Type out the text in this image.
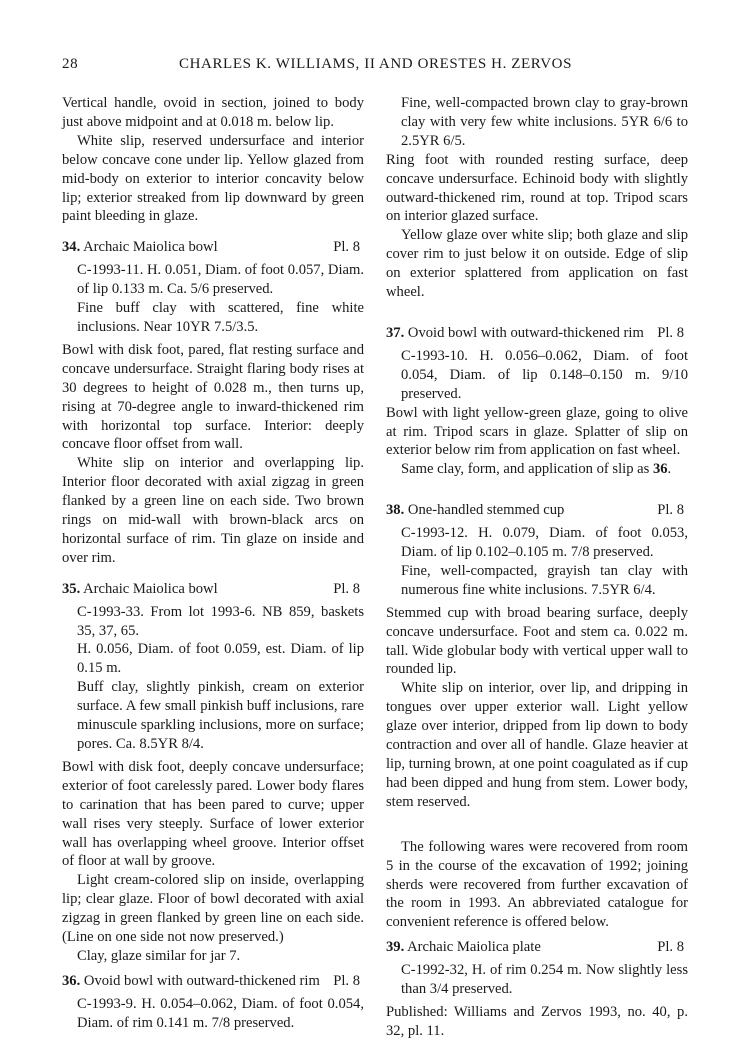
28	CHARLES K. WILLIAMS, II AND ORESTES H. ZERVOS

Vertical handle, ovoid in section, joined to body just above midpoint and at 0.018 m. below lip.

White slip, reserved undersurface and interior below concave cone under lip. Yellow glazed from mid-body on exterior to interior concavity below lip; exterior streaked from lip downward by green paint bleeding in glaze.

34. Archaic Maiolica bowl	Pl. 8

C-1993-11. H. 0.051, Diam. of foot 0.057, Diam. of lip 0.133 m. Ca. 5/6 preserved.

Fine buff clay with scattered, fine white inclusions. Near 10YR 7.5/3.5.

Bowl with disk foot, pared, flat resting surface and concave undersurface. Straight flaring body rises at 30 degrees to height of 0.028 m., then turns up, rising at 70-degree angle to inward-thickened rim with horizontal top surface. Interior: deeply concave floor offset from wall.

White slip on interior and overlapping lip. Interior floor decorated with axial zigzag in green flanked by a green line on each side. Two brown rings on mid-wall with brown-black arcs on horizontal surface of rim. Tin glaze on inside and over rim.

35. Archaic Maiolica bowl	Pl. 8

C-1993-33. From lot 1993-6. NB 859, baskets 35, 37, 65.

H. 0.056, Diam. of foot 0.059, est. Diam. of lip 0.15 m.

Buff clay, slightly pinkish, cream on exterior surface. A few small pinkish buff inclusions, rare minuscule sparkling inclusions, more on surface; pores. Ca. 8.5YR 8/4.

Bowl with disk foot, deeply concave undersurface; exterior of foot carelessly pared. Lower body flares to carination that has been pared to curve; upper wall rises very steeply. Surface of lower exterior wall has overlapping wheel groove. Interior offset of floor at wall by groove.

Light cream-colored slip on inside, overlapping lip; clear glaze. Floor of bowl decorated with axial zigzag in green flanked by green line on each side. (Line on one side not now preserved.)

Clay, glaze similar for jar 7.

36. Ovoid bowl with outward-thickened rim Pl. 8

C-1993-9. H. 0.054–0.062, Diam. of foot 0.054, Diam. of rim 0.141 m. 7/8 preserved.

Fine, well-compacted brown clay to gray-brown clay with very few white inclusions. 5YR 6/6 to 2.5YR 6/5.

Ring foot with rounded resting surface, deep concave undersurface. Echinoid body with slightly outward-thickened rim, round at top. Tripod scars on interior glazed surface.

Yellow glaze over white slip; both glaze and slip cover rim to just below it on outside. Edge of slip on exterior splattered from application on fast wheel.

37. Ovoid bowl with outward-thickened rim Pl. 8

C-1993-10. H. 0.056–0.062, Diam. of foot 0.054, Diam. of lip 0.148–0.150 m. 9/10 preserved.

Bowl with light yellow-green glaze, going to olive at rim. Tripod scars in glaze. Splatter of slip on exterior below rim from application on fast wheel.

Same clay, form, and application of slip as 36.

38. One-handled stemmed cup	Pl. 8

C-1993-12. H. 0.079, Diam. of foot 0.053, Diam. of lip 0.102–0.105 m. 7/8 preserved.

Fine, well-compacted, grayish tan clay with numerous fine white inclusions. 7.5YR 6/4.

Stemmed cup with broad bearing surface, deeply concave undersurface. Foot and stem ca. 0.022 m. tall. Wide globular body with vertical upper wall to rounded lip.

White slip on interior, over lip, and dripping in tongues over upper exterior wall. Light yellow glaze over interior, dripped from lip down to body contraction and over all of handle. Glaze heavier at lip, turning brown, at one point coagulated as if cup had been dipped and hung from stem. Lower body, stem reserved.

The following wares were recovered from room 5 in the course of the excavation of 1992; joining sherds were recovered from further excavation of the room in 1993. An abbreviated catalogue for convenient reference is offered below.

39. Archaic Maiolica plate	Pl. 8

C-1992-32, H. of rim 0.254 m. Now slightly less than 3/4 preserved.

Published: Williams and Zervos 1993, no. 40, p. 32, pl. 11.
